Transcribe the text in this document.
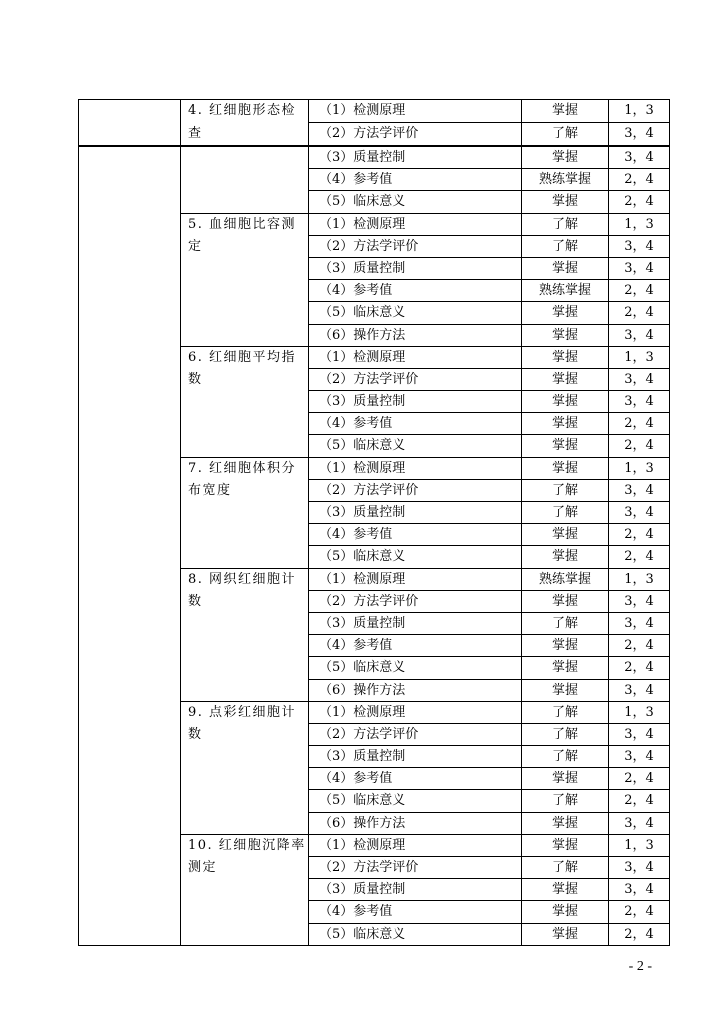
	4. 红细胞形态检查	（1）检测原理	掌握	1，3
		（2）方法学评价	了解	3，4
		（3）质量控制	掌握	3，4
		（4）参考值	熟练掌握	2，4
		（5）临床意义	掌握	2，4
	5. 血细胞比容测定	（1）检测原理	了解	1，3
		（2）方法学评价	了解	3，4
		（3）质量控制	掌握	3，4
		（4）参考值	熟练掌握	2，4
		（5）临床意义	掌握	2，4
		（6）操作方法	掌握	3，4
	6. 红细胞平均指数	（1）检测原理	掌握	1，3
		（2）方法学评价	掌握	3，4
		（3）质量控制	掌握	3，4
		（4）参考值	掌握	2，4
		（5）临床意义	掌握	2，4
	7. 红细胞体积分布宽度	（1）检测原理	掌握	1，3
		（2）方法学评价	了解	3，4
		（3）质量控制	了解	3，4
		（4）参考值	掌握	2，4
		（5）临床意义	掌握	2，4
	8. 网织红细胞计数	（1）检测原理	熟练掌握	1，3
		（2）方法学评价	掌握	3，4
		（3）质量控制	了解	3，4
		（4）参考值	掌握	2，4
		（5）临床意义	掌握	2，4
		（6）操作方法	掌握	3，4
	9. 点彩红细胞计数	（1）检测原理	了解	1，3
		（2）方法学评价	了解	3，4
		（3）质量控制	了解	3，4
		（4）参考值	掌握	2，4
		（5）临床意义	了解	2，4
		（6）操作方法	掌握	3，4
	10. 红细胞沉降率测定	（1）检测原理	掌握	1，3
		（2）方法学评价	了解	3，4
		（3）质量控制	掌握	3，4
		（4）参考值	掌握	2，4
		（5）临床意义	掌握	2，4
- 2 -
